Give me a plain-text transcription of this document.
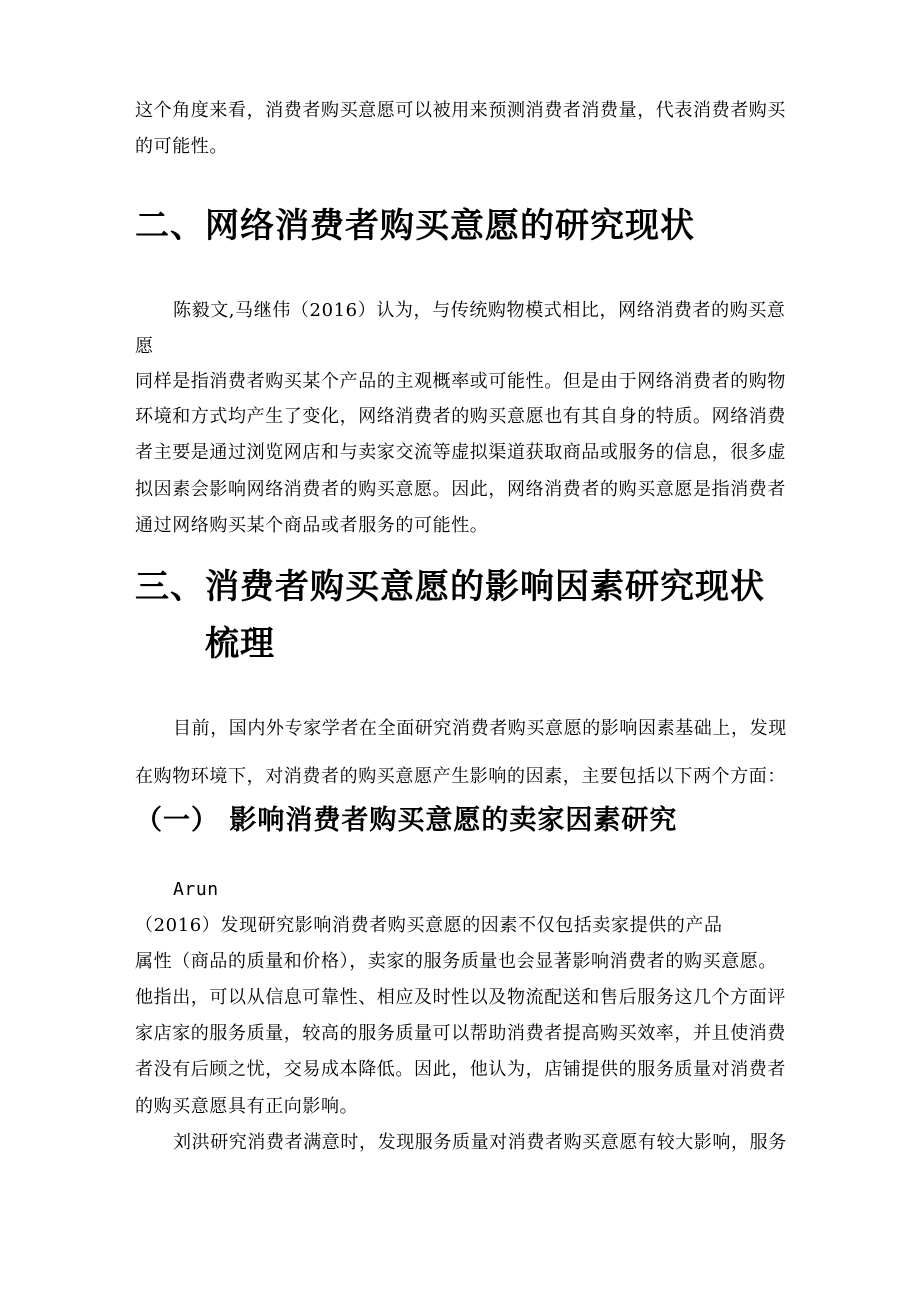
这个角度来看，消费者购买意愿可以被用来预测消费者消费量，代表消费者购买
的可能性。
二、网络消费者购买意愿的研究现状
陈毅文,马继伟（2016）认为，与传统购物模式相比，网络消费者的购买意
愿
同样是指消费者购买某个产品的主观概率或可能性。但是由于网络消费者的购物
环境和方式均产生了变化，网络消费者的购买意愿也有其自身的特质。网络消费
者主要是通过浏览网店和与卖家交流等虚拟渠道获取商品或服务的信息，很多虚
拟因素会影响网络消费者的购买意愿。因此，网络消费者的购买意愿是指消费者
通过网络购买某个商品或者服务的可能性。
三、消费者购买意愿的影响因素研究现状
梳理
目前，国内外专家学者在全面研究消费者购买意愿的影响因素基础上，发现
在购物环境下，对消费者的购买意愿产生影响的因素，主要包括以下两个方面：
（一） 影响消费者购买意愿的卖家因素研究
Arun
（2016）发现研究影响消费者购买意愿的因素不仅包括卖家提供的产品
属性（商品的质量和价格），卖家的服务质量也会显著影响消费者的购买意愿。
他指出，可以从信息可靠性、相应及时性以及物流配送和售后服务这几个方面评
家店家的服务质量，较高的服务质量可以帮助消费者提高购买效率，并且使消费
者没有后顾之忧，交易成本降低。因此，他认为，店铺提供的服务质量对消费者
的购买意愿具有正向影响。
刘洪研究消费者满意时，发现服务质量对消费者购买意愿有较大影响，服务
